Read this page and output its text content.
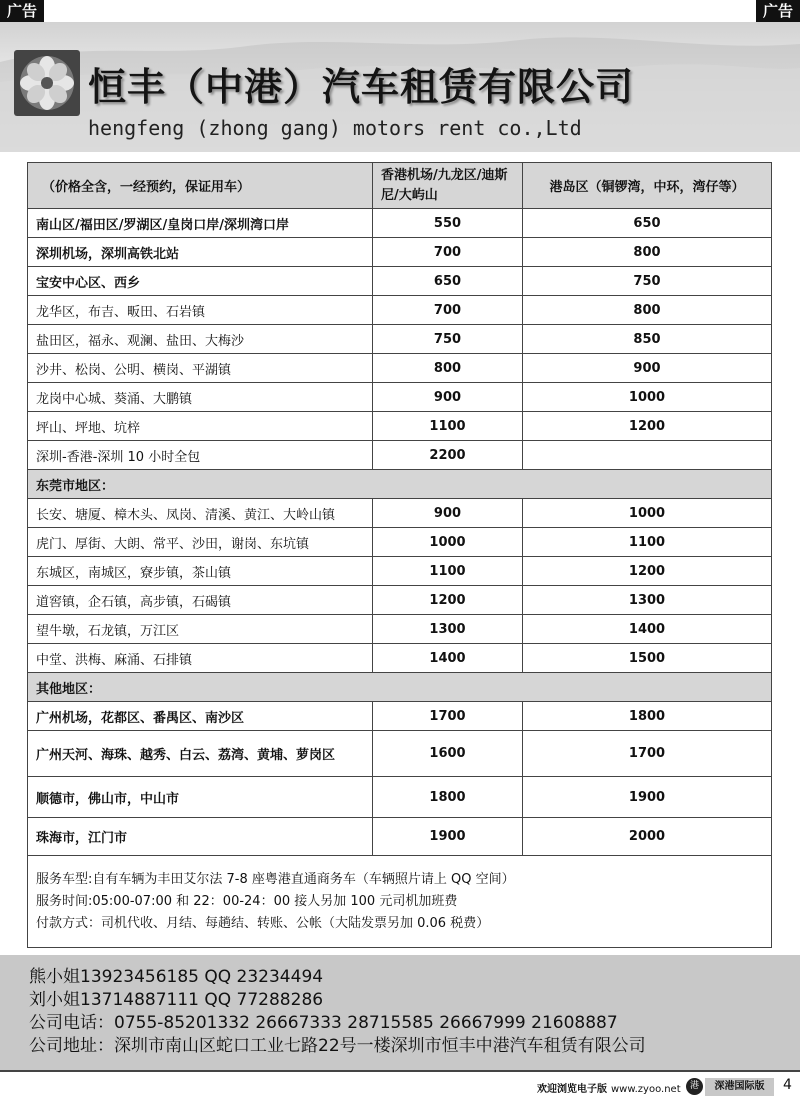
广告	广告
恒丰（中港）汽车租赁有限公司
hengfeng (zhong gang) motors rent co.,Ltd
（价格全含，一经预约，保证用车）	香港机场/九龙区/迪斯尼/大屿山	港岛区（铜锣湾，中环，湾仔等）
南山区/福田区/罗湖区/皇岗口岸/深圳湾口岸	550	650
深圳机场，深圳高铁北站	700	800
宝安中心区、西乡	650	750
龙华区，布吉、畈田、石岩镇	700	800
盐田区，福永、观澜、盐田、大梅沙	750	850
沙井、松岗、公明、横岗、平湖镇	800	900
龙岗中心城、葵涌、大鹏镇	900	1000
坪山、坪地、坑梓	1100	1200
深圳-香港-深圳 10 小时全包	2200	
东莞市地区：		
长安、塘厦、樟木头、凤岗、清溪、黄江、大岭山镇	900	1000
虎门、厚街、大朗、常平、沙田，谢岗、东坑镇	1000	1100
东城区，南城区，寮步镇，茶山镇	1100	1200
道窖镇，企石镇，高步镇，石碣镇	1200	1300
望牛墩，石龙镇，万江区	1300	1400
中堂、洪梅、麻涌、石排镇	1400	1500
其他地区：		
广州机场，花都区、番禺区、南沙区	1700	1800
广州天河、海珠、越秀、白云、荔湾、黄埔、萝岗区	1600	1700
顺德市，佛山市，中山市	1800	1900
珠海市，江门市	1900	2000

服务车型:自有车辆为丰田艾尔法 7-8 座粤港直通商务车（车辆照片请上 QQ 空间）
服务时间:05:00-07:00 和 22：00-24：00 接人另加 100 元司机加班费
付款方式：司机代收、月结、每趟结、转账、公帐（大陆发票另加 0.06 税费）		
熊小姐13923456185 QQ 23234494
刘小姐13714887111 QQ 77288286
公司电话：0755-85201332 26667333 28715585 26667999 21608887
公司地址：深圳市南山区蛇口工业七路22号一楼深圳市恒丰中港汽车租赁有限公司
欢迎浏览电子版 www.zyoo.net	港	深港国际版	4
